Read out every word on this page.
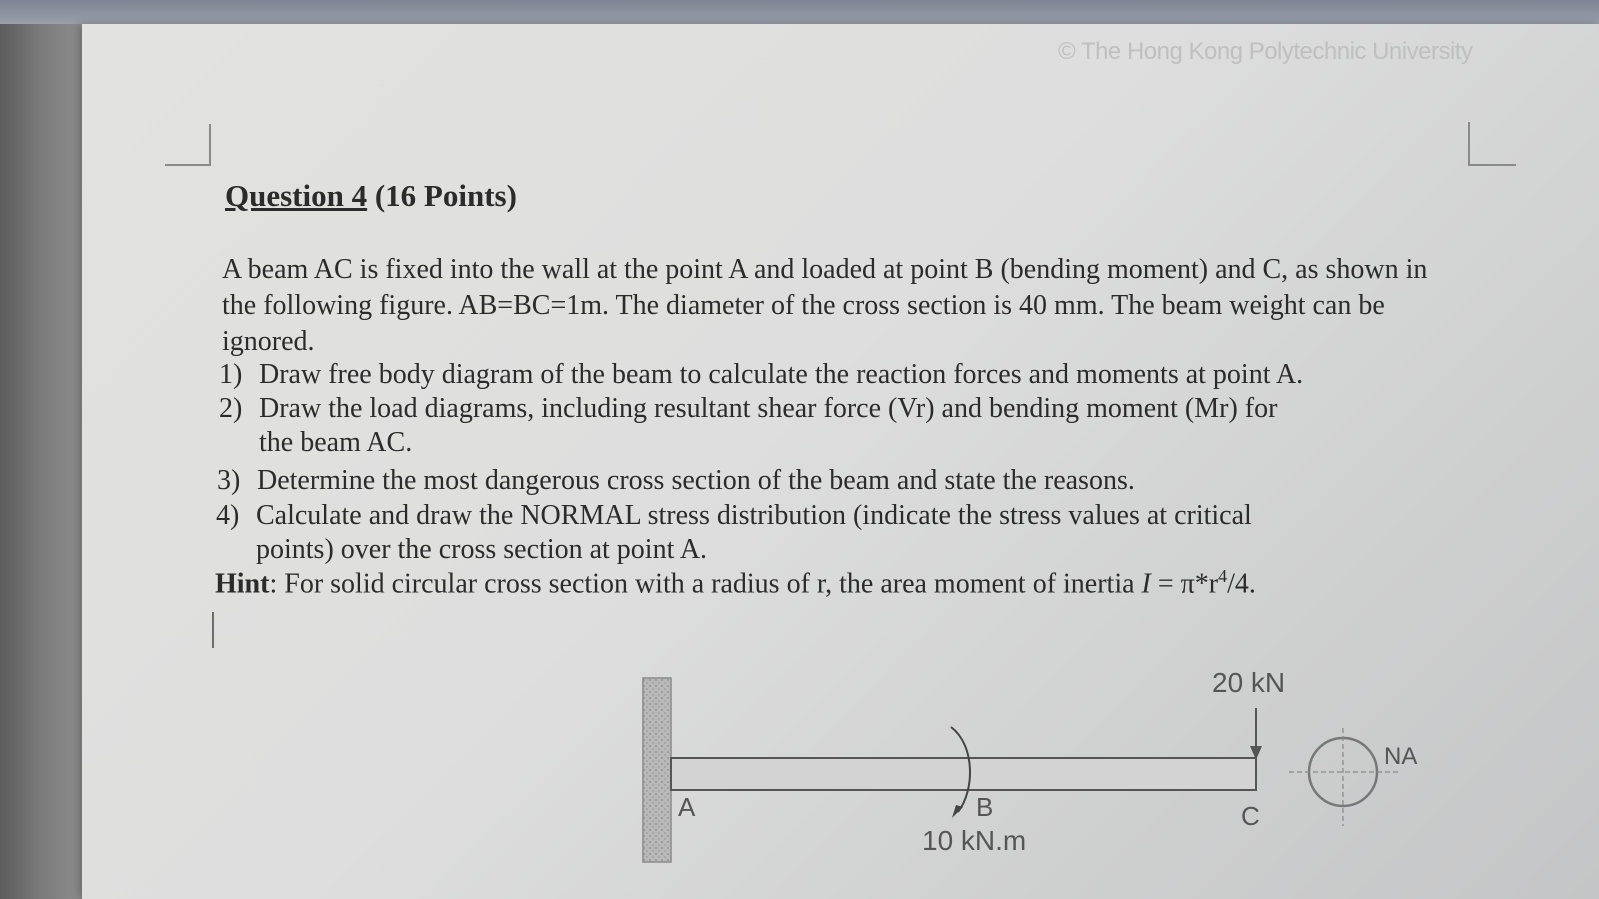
© The Hong Kong Polytechnic University
Question 4 (16 Points)
A beam AC is fixed into the wall at the point A and loaded at point B (bending moment) and C, as shown in the following figure. AB=BC=1m. The diameter of the cross section is 40 mm. The beam weight can be ignored.
1) Draw free body diagram of the beam to calculate the reaction forces and moments at point A.
2) Draw the load diagrams, including resultant shear force (Vr) and bending moment (Mr) for
the beam AC.
3) Determine the most dangerous cross section of the beam and state the reasons.
4) Calculate and draw the NORMAL stress distribution (indicate the stress values at critical
points) over the cross section at point A.
Hint: For solid circular cross section with a radius of r, the area moment of inertia $I = \pi*r^4/4$.
A	B	C
20 kN
10 kN.m
NA
